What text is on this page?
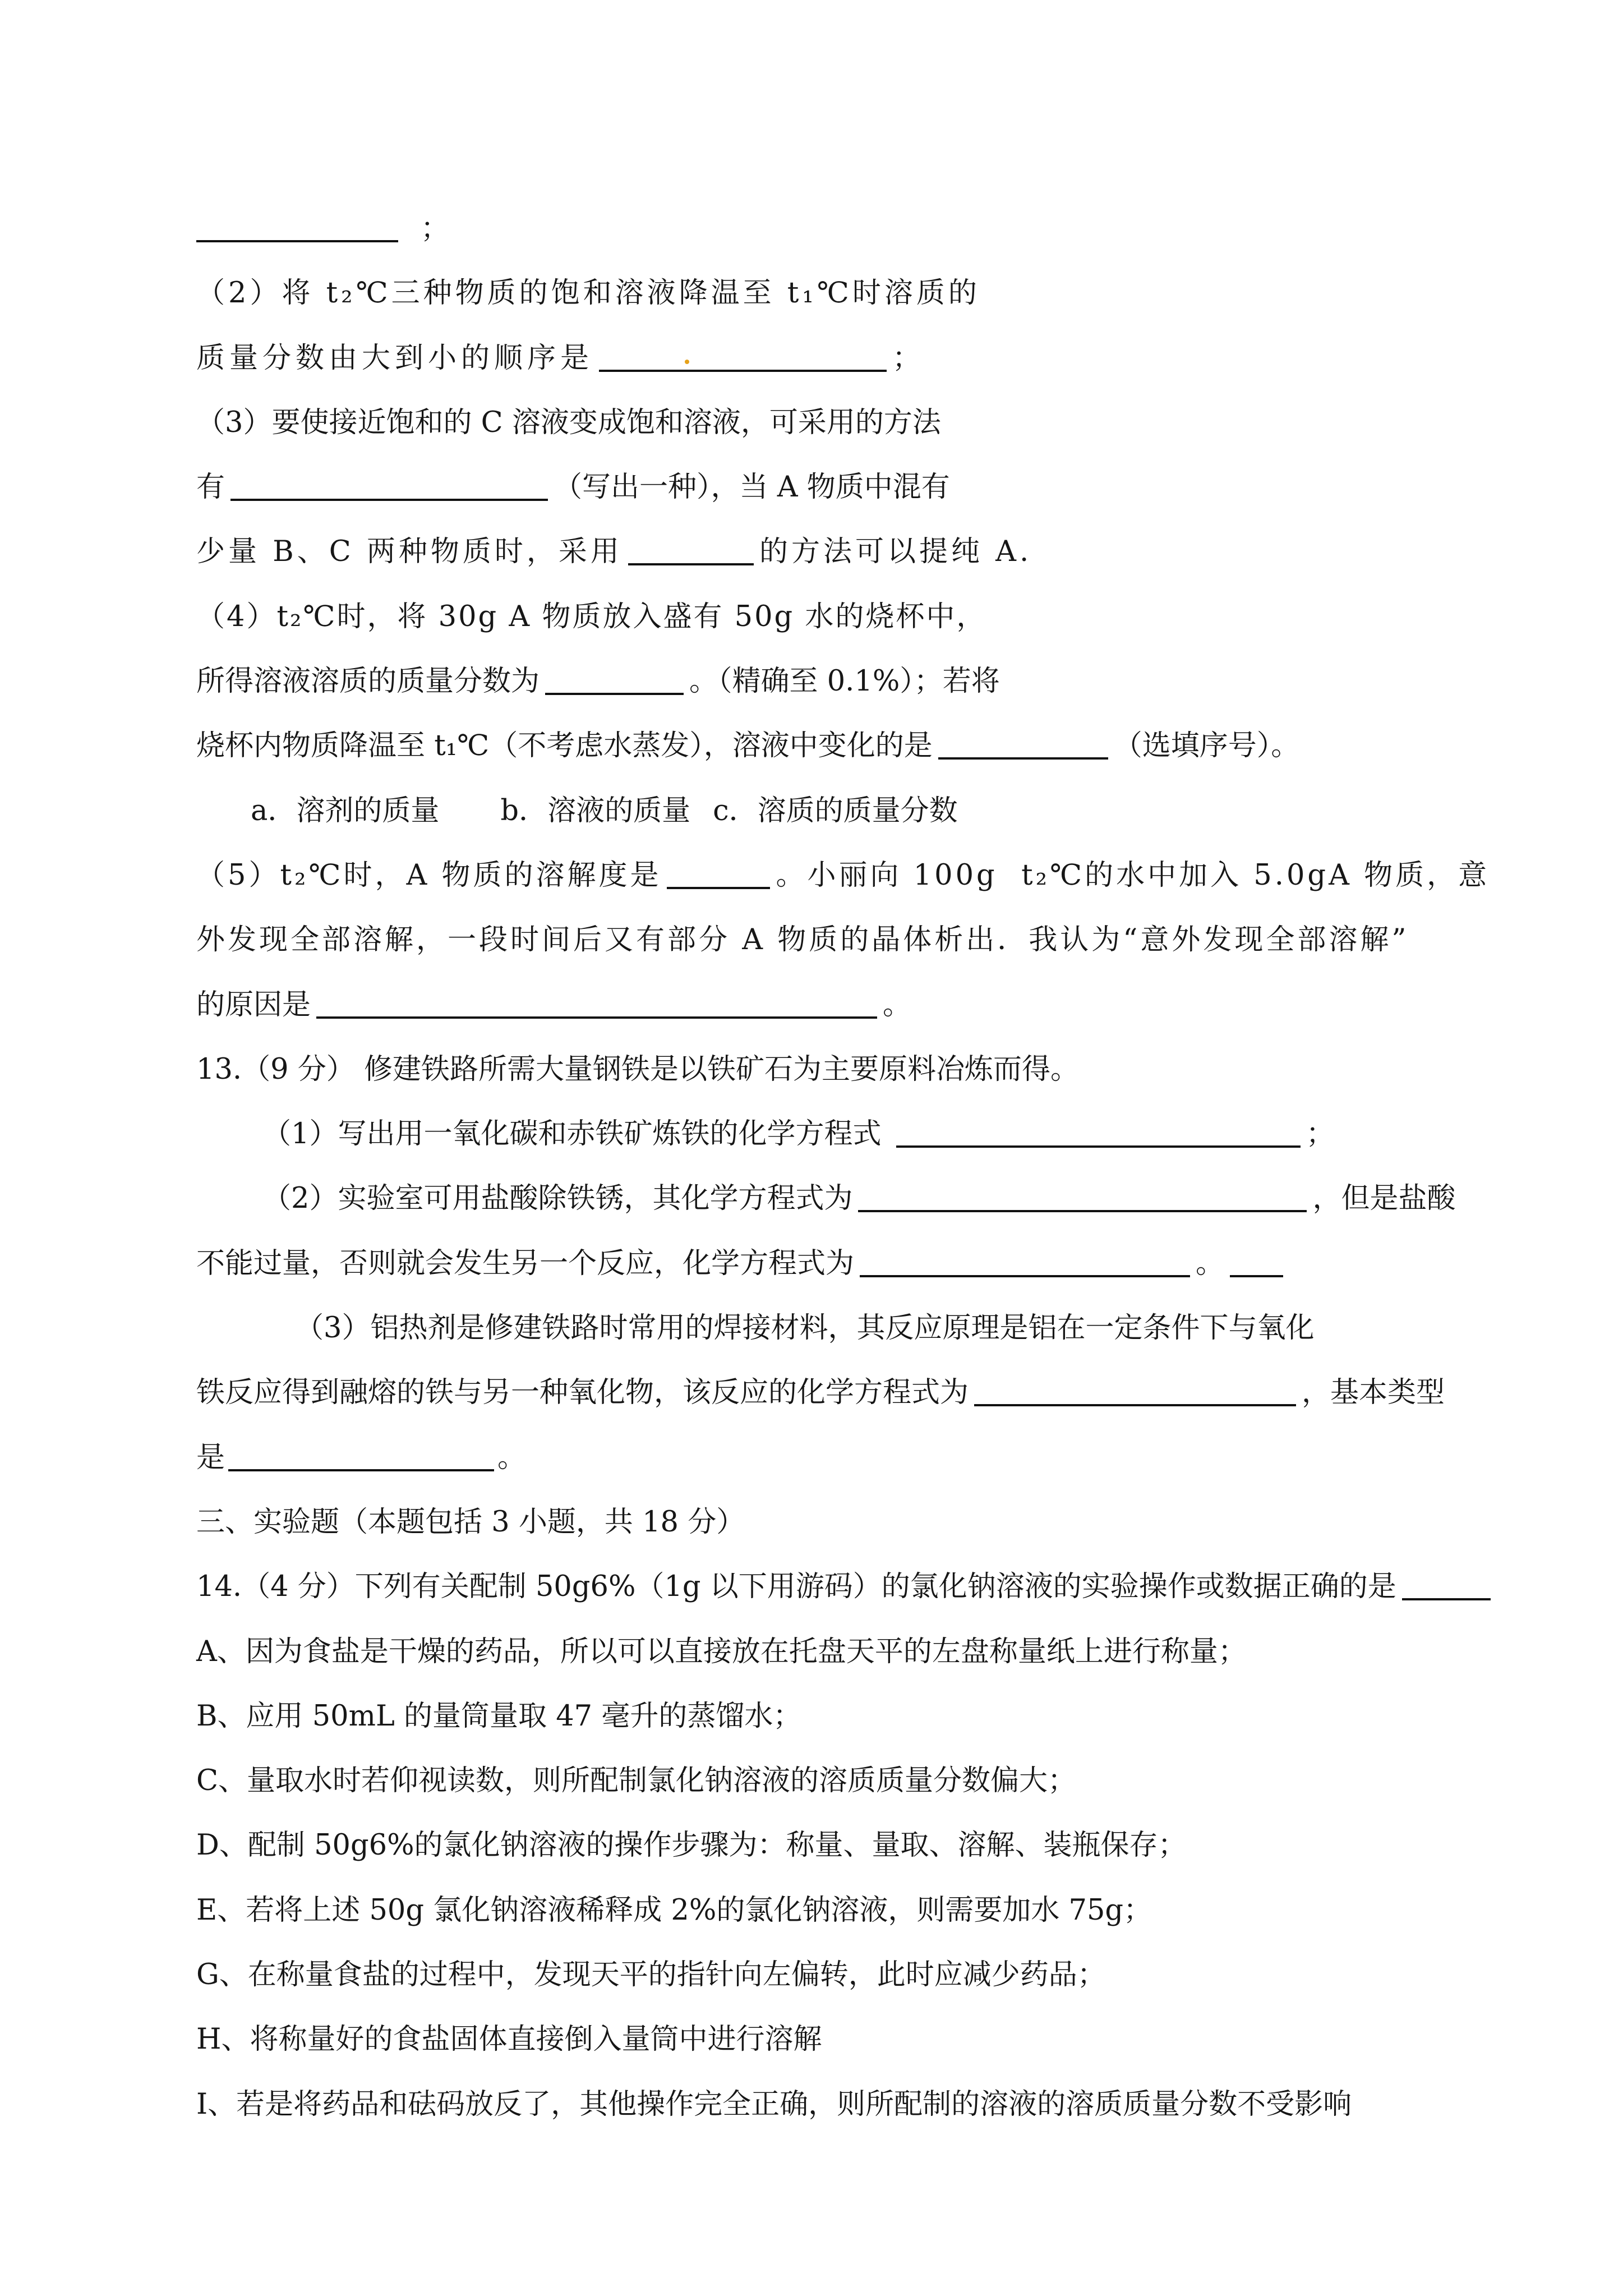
；
（2）将 t₂℃三种物质的饱和溶液降温至 t₁℃时溶质的
质量分数由大到小的顺序是	；
（3）要使接近饱和的 C 溶液变成饱和溶液，可采用的方法
有	（写出一种），当 A 物质中混有
少量 B、C 两种物质时，采用	的方法可以提纯 A.
（4）t₂℃时，将 30g A 物质放入盛有 50g 水的烧杯中，
所得溶液溶质的质量分数为	。（精确至 0.1%）；若将
烧杯内物质降温至 t₁℃（不考虑水蒸发），溶液中变化的是	（选填序号）。
a．溶剂的质量 b．溶液的质量 c．溶质的质量分数
（5）t₂℃时，A 物质的溶解度是	。小丽向 100g  t₂℃的水中加入 5.0gA 物质，意
外发现全部溶解，一段时间后又有部分 A 物质的晶体析出．我认为“意外发现全部溶解”
的原因是	。
13.（9 分） 修建铁路所需大量钢铁是以铁矿石为主要原料冶炼而得。
（1）写出用一氧化碳和赤铁矿炼铁的化学方程式	；
（2）实验室可用盐酸除铁锈，其化学方程式为	，但是盐酸
不能过量，否则就会发生另一个反应，化学方程式为	。
（3）铝热剂是修建铁路时常用的焊接材料，其反应原理是铝在一定条件下与氧化
铁反应得到融熔的铁与另一种氧化物，该反应的化学方程式为	，基本类型
是	。
三、实验题（本题包括 3 小题，共 18 分）
14.（4 分）下列有关配制 50g6%（1g 以下用游码）的氯化钠溶液的实验操作或数据正确的是
A、因为食盐是干燥的药品，所以可以直接放在托盘天平的左盘称量纸上进行称量；
B、应用 50mL 的量筒量取 47 毫升的蒸馏水；
C、量取水时若仰视读数，则所配制氯化钠溶液的溶质质量分数偏大；
D、配制 50g6%的氯化钠溶液的操作步骤为：称量、量取、溶解、装瓶保存；
E、若将上述 50g 氯化钠溶液稀释成 2%的氯化钠溶液，则需要加水 75g；
G、在称量食盐的过程中，发现天平的指针向左偏转，此时应减少药品；
H、将称量好的食盐固体直接倒入量筒中进行溶解
I、若是将药品和砝码放反了，其他操作完全正确，则所配制的溶液的溶质质量分数不受影响
